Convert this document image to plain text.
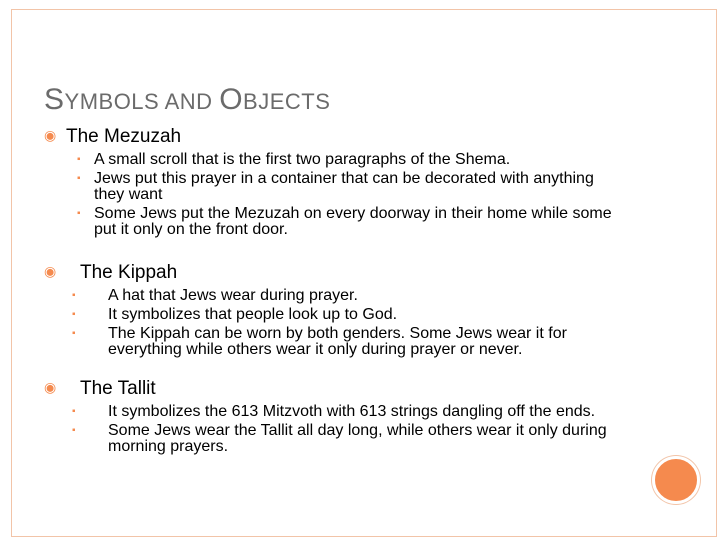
SYMBOLS AND OBJECTS
◉ The Mezuzah
▪ A small scroll that is the first two paragraphs of the Shema.
▪ Jews put this prayer in a container that can be decorated with anything they want
▪ Some Jews put the Mezuzah on every doorway in their home while some put it only on the front door.
◉ The Kippah
▪	A hat that Jews wear during prayer.
▪	It symbolizes that people look up to God.
▪	The Kippah can be worn by both genders. Some Jews wear it for everything while others wear it only during prayer or never.
◉ The Tallit
▪	It symbolizes the 613 Mitzvoth with 613 strings dangling off the ends.
▪	Some Jews wear the Tallit all day long, while others wear it only during morning prayers.
